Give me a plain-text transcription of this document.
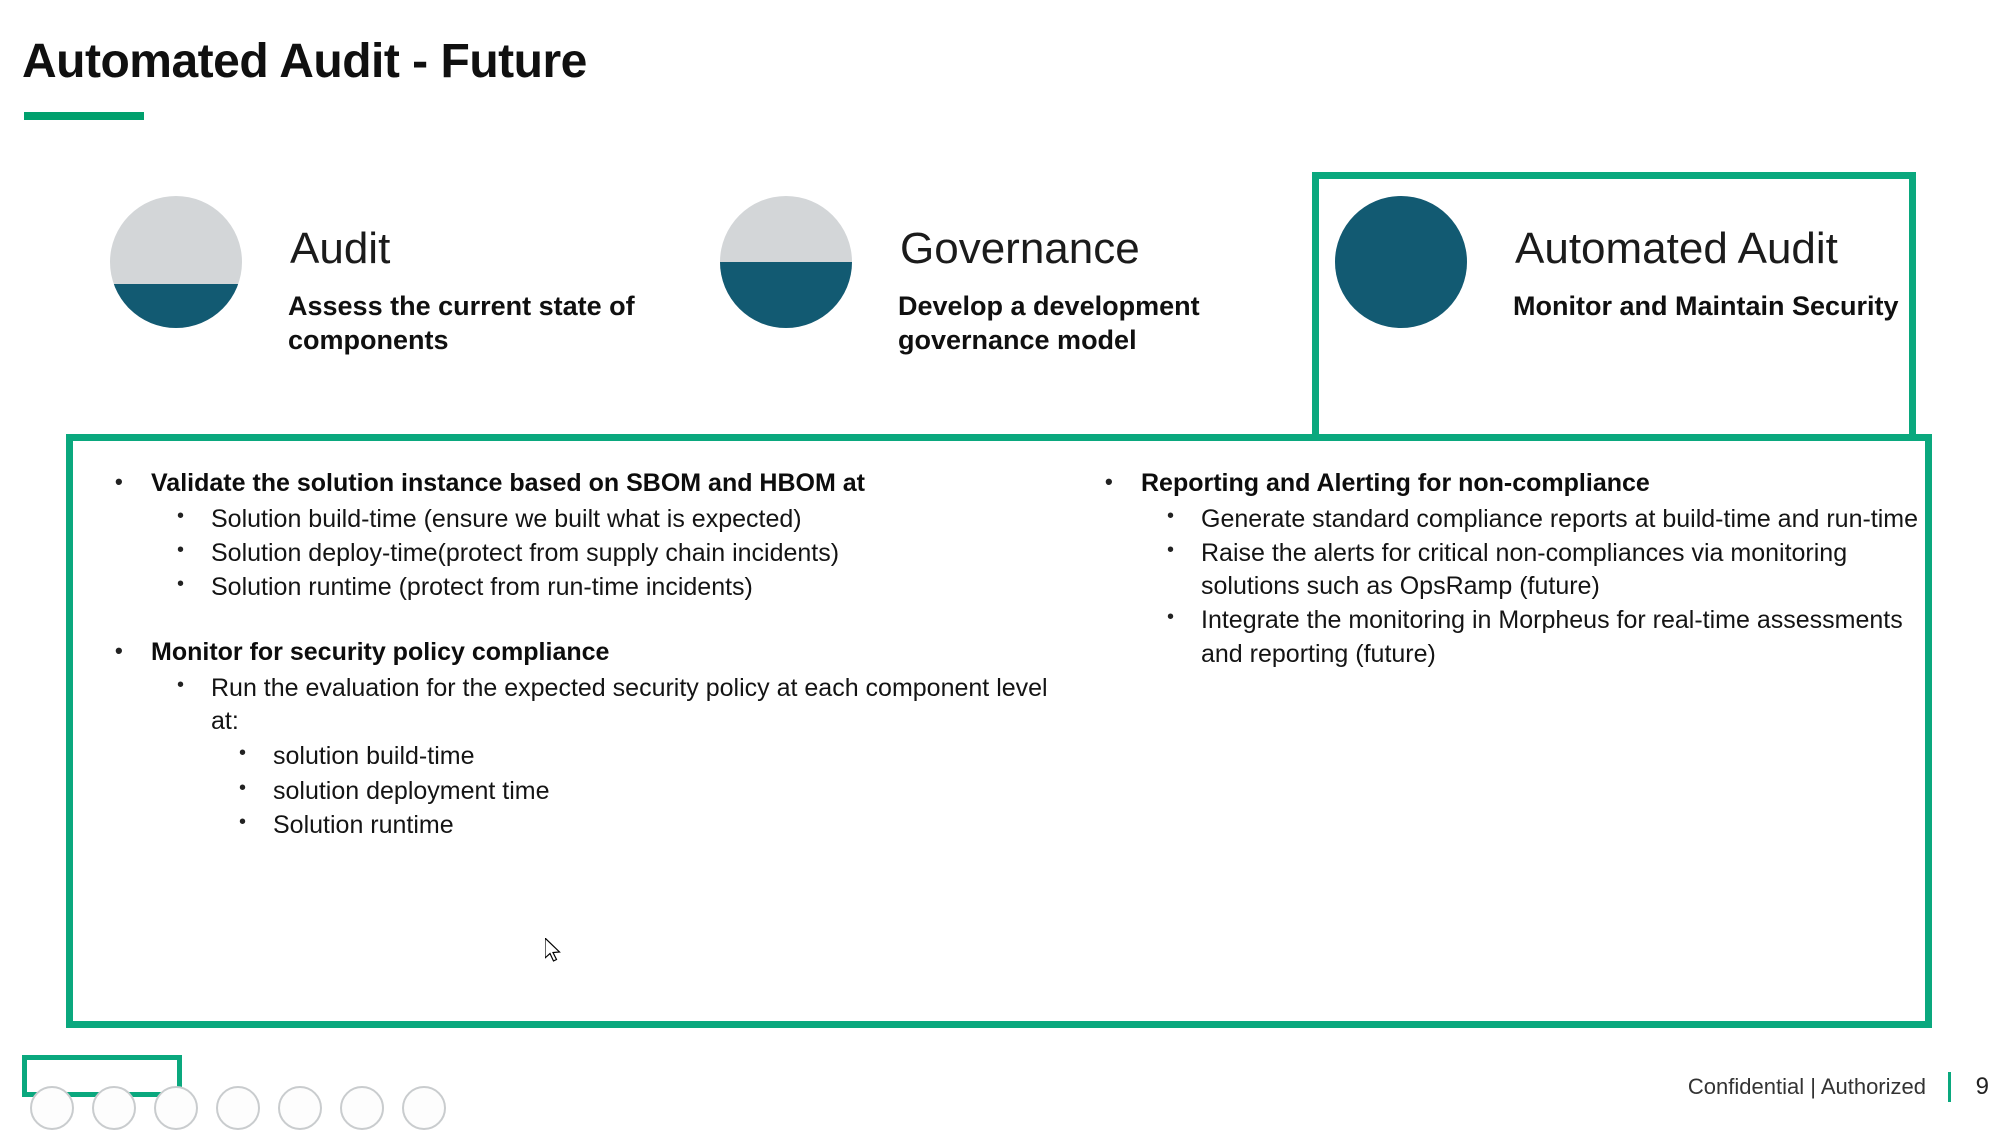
Automated Audit - Future
Audit
Assess the current state of components
Governance
Develop a development governance model
Automated Audit
Monitor and Maintain Security
• Validate the solution instance based on SBOM and HBOM at
• Solution build-time (ensure we built what is expected)
• Solution deploy-time(protect from supply chain incidents)
• Solution runtime (protect from run-time incidents)
• Monitor for security policy compliance
• Run the evaluation for the expected security policy at each component level at:
• solution build-time
• solution deployment time
• Solution runtime
• Reporting and Alerting for non-compliance
• Generate standard compliance reports at build-time and run-time
• Raise the alerts for critical non-compliances via monitoring solutions such as OpsRamp (future)
• Integrate the monitoring in Morpheus for real-time assessments and reporting (future)
Confidential | Authorized 9
